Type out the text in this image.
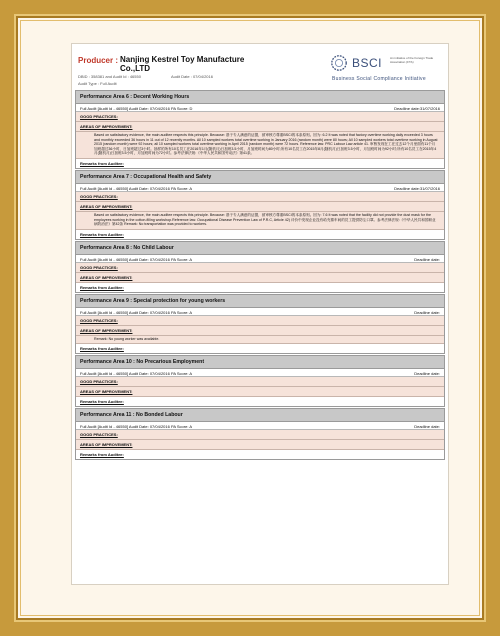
Producer : Nanjing Kestrel Toy Manufacture Co.,LTD
DBID : 358381 and Audit Id : 46550	Audit Date : 07/04/2016
Audit Type : Full Audit
BSCI	An initiative of the Foreign Trade Association (FTA)
Business Social Compliance Initiative
Performance Area 6 : Decent Working Hours
Full Audit [Audit Id - 46550] Audit Date: 07/04/2016 PA Score: D	Deadline date:31/07/2016
GOOD PRACTICES:
AREAS OF IMPROVEMENT:
Based on satisfactory evidence, the main auditee respects this principle. Because: 基于专人满意的证据，被审核方尊重BSCI的本条原则。因为: 6.2 It was noted that factory overtime working daily exceeded 3 hours and monthly exceeded 36 hours in 11 out of 12 recently months. All 10 sampled workers total overtime working in January 2016 (random month) were 80 hours; All 10 sampled workers total overtime working in August 2015 (random month) were 92 hours; all 10 sampled workers total overtime working in April 2015 (random month) were 72 hours. Reference law: PRC Labour Law article 41. 审核发现在工在过去12个月里面有11个月加班超过36小时，日加班超过3小时。抽样的所有10名员工在2016年1月(随机月)日加班3.5小时，月加班时间为80小时;所有10名员工在2015年8月(随机月)日加班3.5小时，月加班时间为92小时;所有10名员工在2015年4月(随机月)日加班3.5小时，月加班时间为72小时。参考法律法规:《中华人民共和国劳动法》第41条。
Remarks from Auditee:
Performance Area 7 : Occupational Health and Safety
Full Audit [Audit Id - 46550] Audit Date: 07/04/2016 PA Score: A	Deadline date:31/07/2016
GOOD PRACTICES:
AREAS OF IMPROVEMENT:
Based on satisfactory evidence, the main auditee respects this principle. Because: 基于专人满意的证据，被审核方尊重BSCI的本条原则。因为: 7.6 It was noted that the facility did not provide the dust mask for the employees working in the cotton-filling workshop.Reference law: Occupational Disease Prevention Law of P.R.C, Article 42) 评价中发现企业没有给充棉车间的员工提供防尘口罩。参考法律法规:《中华人民共和国职业病防治法》第42条 Remark: No transportation was provided to workers.
Remarks from Auditee:
Performance Area 8 : No Child Labour
Full Audit [Audit Id - 46550] Audit Date: 07/04/2016 PA Score: A	Deadline date:
GOOD PRACTICES:
AREAS OF IMPROVEMENT:
Remarks from Auditee:
Performance Area 9 : Special protection for young workers
Full Audit [Audit Id - 46550] Audit Date: 07/04/2016 PA Score: A	Deadline date:
GOOD PRACTICES:
AREAS OF IMPROVEMENT:
Remark: No young worker was available.
Remarks from Auditee:
Performance Area 10 : No Precarious Employment
Full Audit [Audit Id - 46550] Audit Date: 07/04/2016 PA Score: A	Deadline date:
GOOD PRACTICES:
AREAS OF IMPROVEMENT:
Remarks from Auditee:
Performance Area 11 : No Bonded Labour
Full Audit [Audit Id - 46550] Audit Date: 07/04/2016 PA Score: A	Deadline date:
GOOD PRACTICES:
AREAS OF IMPROVEMENT:
Remarks from Auditee:
